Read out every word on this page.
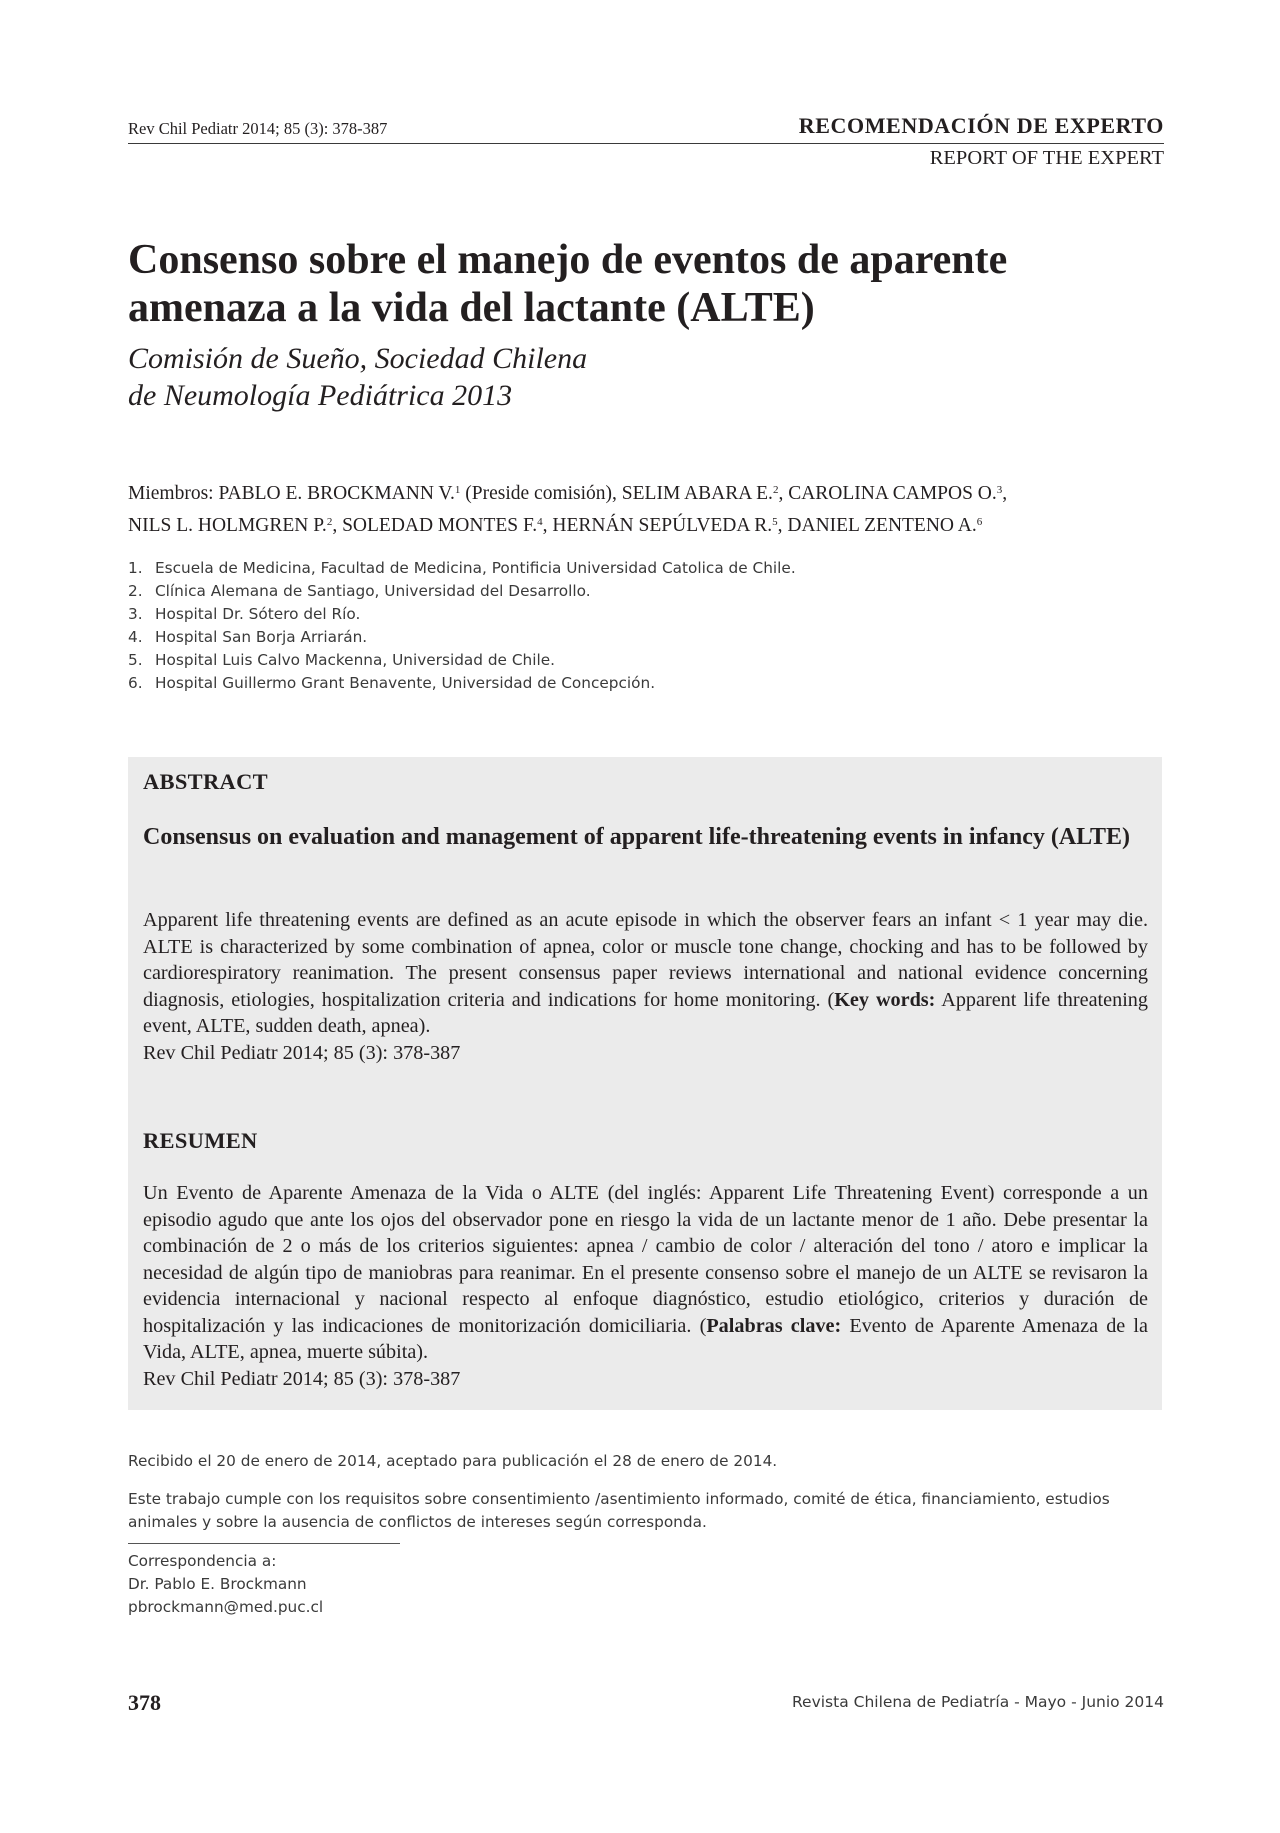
Rev Chil Pediatr 2014; 85 (3): 378-387	RECOMENDACIÓN DE EXPERTO
REPORT OF THE EXPERT
Consenso sobre el manejo de eventos de aparente
amenaza a la vida del lactante (ALTE)
Comisión de Sueño, Sociedad Chilena
de Neumología Pediátrica 2013
Miembros: PABLO E. BROCKMANN V.$^1$ (Preside comisión), SELIM ABARA E.$^2$, CAROLINA CAMPOS O.$^3$,
NILS L. HOLMGREN P.$^2$, SOLEDAD MONTES F.$^4$, HERNÁN SEPÚLVEDA R.$^5$, DANIEL ZENTENO A.$^6$
1. Escuela de Medicina, Facultad de Medicina, Pontificia Universidad Catolica de Chile.
2. Clínica Alemana de Santiago, Universidad del Desarrollo.
3. Hospital Dr. Sótero del Río.
4. Hospital San Borja Arriarán.
5. Hospital Luis Calvo Mackenna, Universidad de Chile.
6. Hospital Guillermo Grant Benavente, Universidad de Concepción.
ABSTRACT
Consensus on evaluation and management of apparent life-threatening events in infancy (ALTE)
Apparent life threatening events are defined as an acute episode in which the observer fears an infant < 1 year may die. ALTE is characterized by some combination of apnea, color or muscle tone change, chocking and has to be followed by cardiorespiratory reanimation. The present consensus paper reviews international and national evidence concerning diagnosis, etiologies, hospitalization criteria and indications for home monitoring. (Key words: Apparent life threatening event, ALTE, sudden death, apnea).
Rev Chil Pediatr 2014; 85 (3): 378-387
RESUMEN
Un Evento de Aparente Amenaza de la Vida o ALTE (del inglés: Apparent Life Threatening Event) corresponde a un episodio agudo que ante los ojos del observador pone en riesgo la vida de un lactante menor de 1 año. Debe presentar la combinación de 2 o más de los criterios siguientes: apnea / cambio de color / alteración del tono / atoro e implicar la necesidad de algún tipo de maniobras para reanimar. En el presente consenso sobre el manejo de un ALTE se revisaron la evidencia internacional y nacional respecto al enfoque diagnóstico, estudio etiológico, criterios y duración de hospitalización y las indicaciones de monitorización domiciliaria. (Palabras clave: Evento de Aparente Amenaza de la Vida, ALTE, apnea, muerte súbita).
Rev Chil Pediatr 2014; 85 (3): 378-387
Recibido el 20 de enero de 2014, aceptado para publicación el 28 de enero de 2014.
Este trabajo cumple con los requisitos sobre consentimiento /asentimiento informado, comité de ética, financiamiento, estudios animales y sobre la ausencia de conflictos de intereses según corresponda.
Correspondencia a:
Dr. Pablo E. Brockmann
pbrockmann@med.puc.cl
378	Revista Chilena de Pediatría - Mayo - Junio 2014
